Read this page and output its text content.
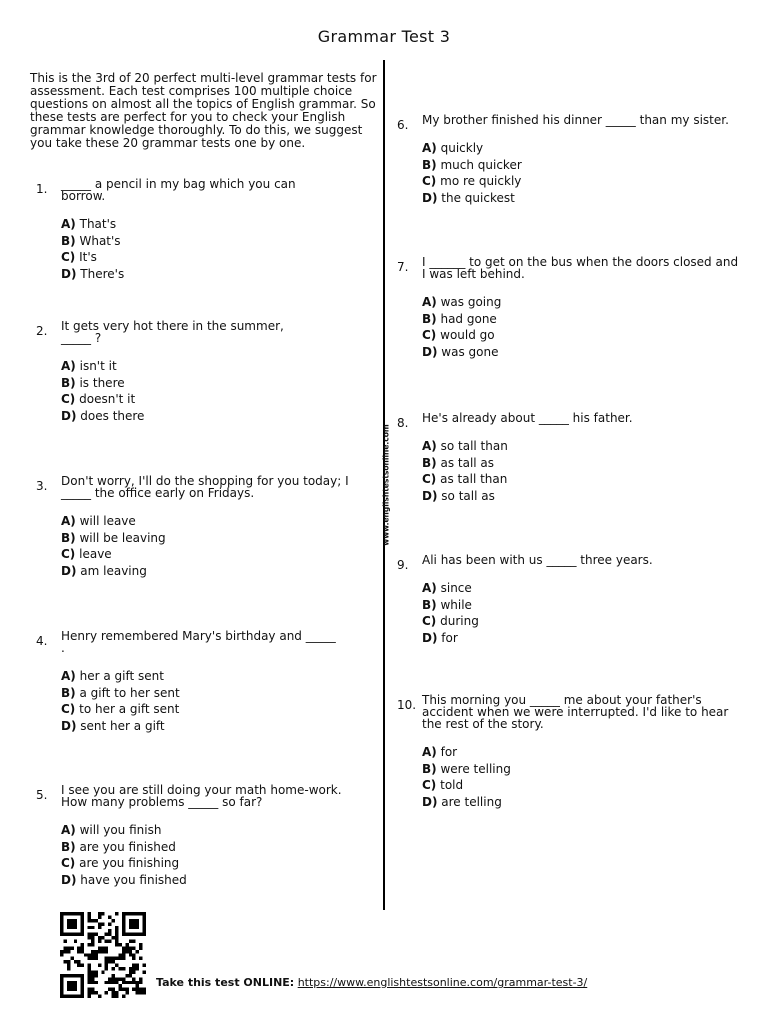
Grammar Test 3
This is the 3rd of 20 perfect multi-level grammar tests for assessment. Each test comprises 100 multiple choice questions on almost all the topics of English grammar. So these tests are perfect for you to check your English grammar knowledge thoroughly. To do this, we suggest you take these 20 grammar tests one by one.
www.englishtestsonline.com
1. _____ a pencil in my bag which you can borrow.
A) That's
B) What's
C) It's
D) There's
2. It gets very hot there in the summer, _____ ?
A) isn't it
B) is there
C) doesn't it
D) does there
3. Don't worry, I'll do the shopping for you today; I _____ the office early on Fridays.
A) will leave
B) will be leaving
C) leave
D) am leaving
4. Henry remembered Mary's birthday and _____ .
A) her a gift sent
B) a gift to her sent
C) to her a gift sent
D) sent her a gift
5. I see you are still doing your math home-work. How many problems _____ so far?
A) will you finish
B) are you finished
C) are you finishing
D) have you finished
6. My brother finished his dinner _____ than my sister.
A) quickly
B) much quicker
C) mo re quickly
D) the quickest
7. I ______ to get on the bus when the doors closed and I was left behind.
A) was going
B) had gone
C) would go
D) was gone
8. He's already about _____ his father.
A) so tall than
B) as tall as
C) as tall than
D) so tall as
9. Ali has been with us _____ three years.
A) since
B) while
C) during
D) for
10. This morning you _____ me about your father's accident when we were interrupted. I'd like to hear the rest of the story.
A) for
B) were telling
C) told
D) are telling
Take this test ONLINE: https://www.englishtestsonline.com/grammar-test-3/
